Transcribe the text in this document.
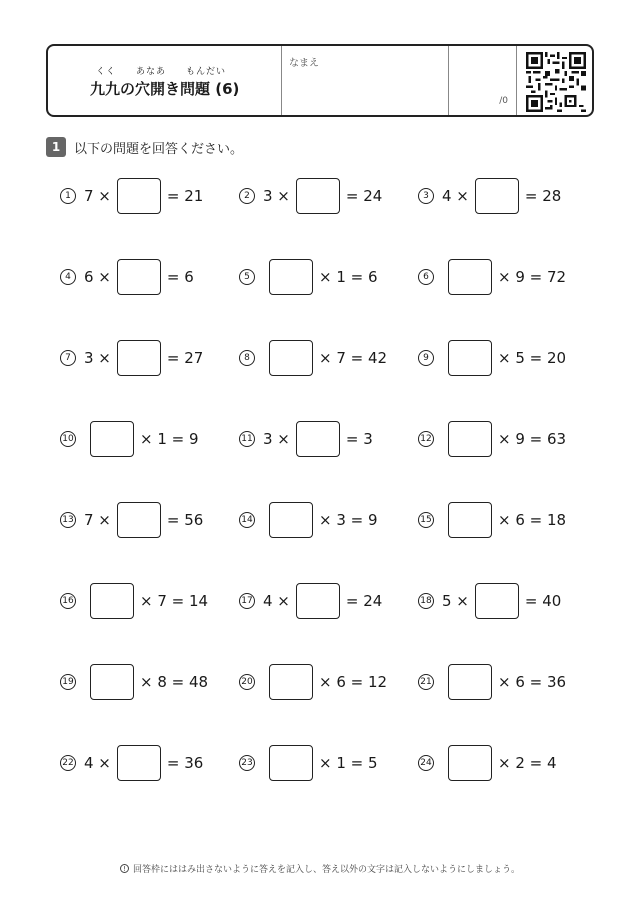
くく あなあ もんだい
九九の穴開き問題 (6)
なまえ
/0
1	以下の問題を回答ください。
1 7 ×	= 21	2 3 ×	= 24	3 4 ×	= 28
4 6 ×	= 6	5	× 1 = 6	6	× 9 = 72
7 3 ×	= 27	8	× 7 = 42	9	× 5 = 20
10	× 1 = 9	11 3 ×	= 3	12	× 9 = 63
13 7 ×	= 56	14	× 3 = 9	15	× 6 = 18
16	× 7 = 14	17 4 ×	= 24	18 5 ×	= 40
19	× 8 = 48	20	× 6 = 12	21	× 6 = 36
22 4 ×	= 36	23	× 1 = 5	24	× 2 = 4
! 回答枠にははみ出さないように答えを記入し、答え以外の文字は記入しないようにしましょう。
